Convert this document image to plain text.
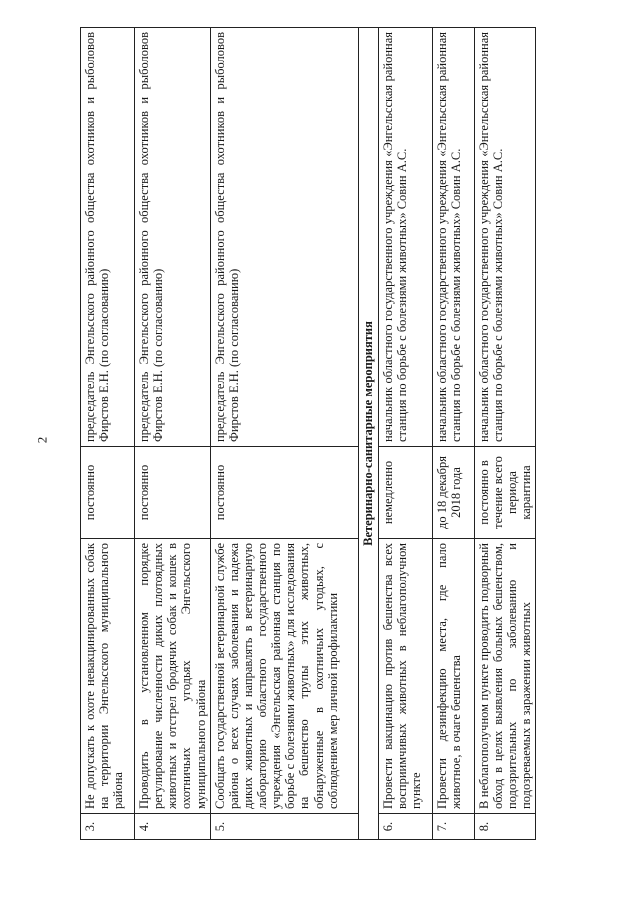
2
3.	Не допускать к охоте невакцинированных собак на территории Энгельсского муниципального района	постоянно	председатель Энгельсского районного общества охотников и рыболовов Фирстов Е.Н. (по согласованию)
4.	Проводить в установленном порядке регулирование численности диких плотоядных животных и отстрел бродячих собак и кошек в охотничьих угодьях Энгельсского муниципального района	постоянно	председатель Энгельсского районного общества охотников и рыболовов Фирстов Е.Н. (по согласованию)
5.	Сообщать государственной ветеринарной службе района о всех случаях заболевания и падежа диких животных и направлять в ветеринарную лабораторию областного государственного учреждения «Энгельсская районная станция по борьбе с болезнями животных» для исследования на бешенство трупы этих животных, обнаруженные в охотничьих угодьях, с соблюдением мер личной профилактики	постоянно	председатель Энгельсского районного общества охотников и рыболовов Фирстов Е.Н. (по согласованию)
Ветеринарно-санитарные мероприятия			
6.	Провести вакцинацию против бешенства всех восприимчивых животных в неблагополучном пункте	немедленно	начальник областного государственного учреждения «Энгельсская районная станция по борьбе с болезнями животных» Совин А.С.
7.	Провести дезинфекцию места, где пало животное, в очаге бешенства	до 18 декабря 2018 года	начальник областного государственного учреждения «Энгельсская районная станция по борьбе с болезнями животных» Совин А.С.
8.	В неблагополучном пункте проводить подворный обход в целях выявления больных бешенством, подозрительных по заболеванию и подозреваемых в заражении животных	постоянно в течение всего периода карантина	начальник областного государственного учреждения «Энгельсская районная станция по борьбе с болезнями животных» Совин А.С.
